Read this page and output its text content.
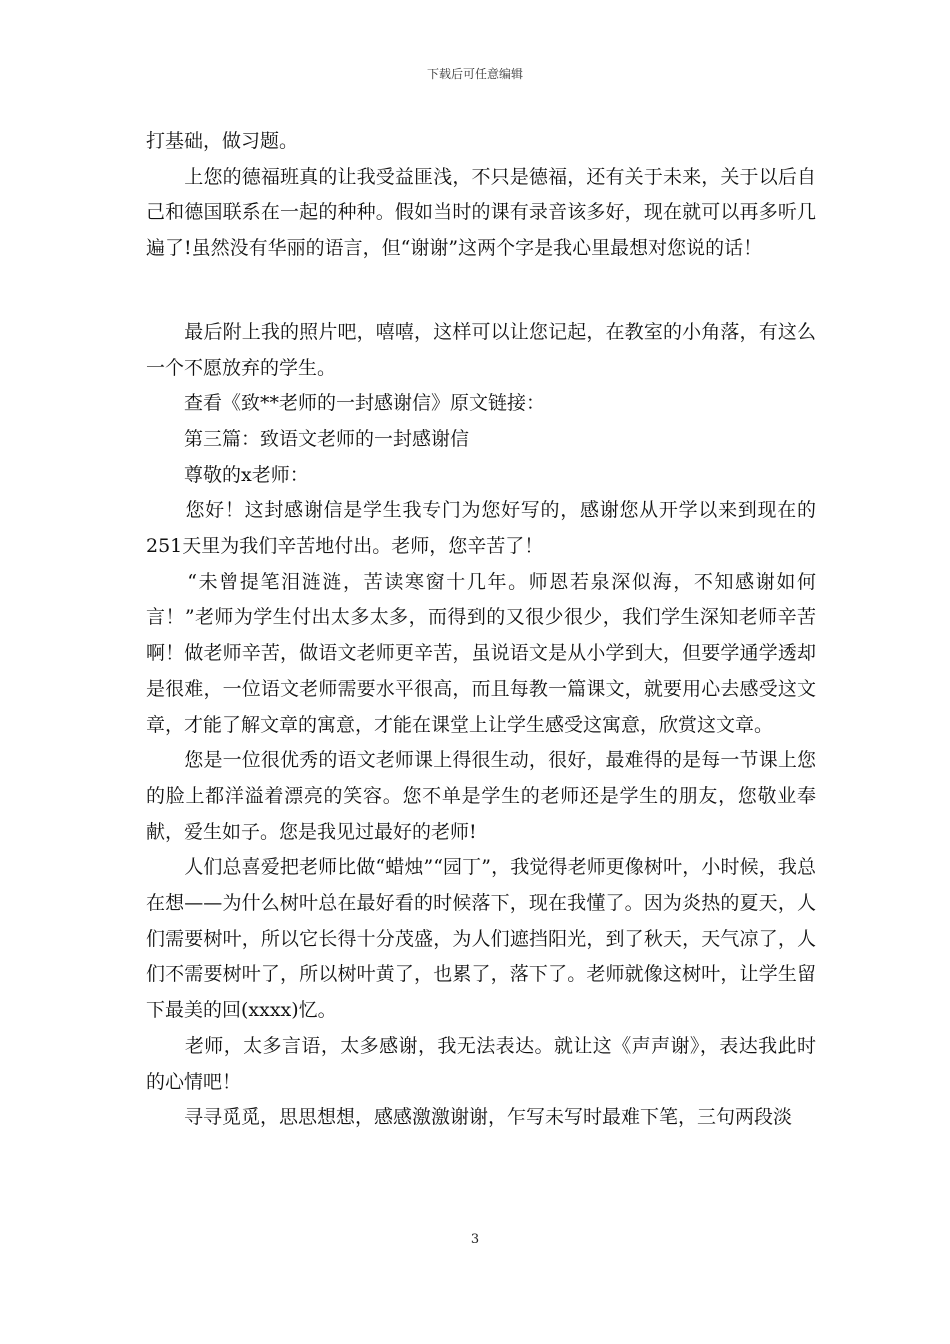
下载后可任意编辑

打基础，做习题。

　　上您的德福班真的让我受益匪浅，不只是德福，还有关于未来，关于以后自己和德国联系在一起的种种。假如当时的课有录音该多好，现在就可以再多听几遍了!虽然没有华丽的语言，但“谢谢”这两个字是我心里最想对您说的话！

　　最后附上我的照片吧，嘻嘻，这样可以让您记起，在教室的小角落，有这么一个不愿放弃的学生。

　　查看《致**老师的一封感谢信》原文链接：

　　第三篇：致语文老师的一封感谢信

　　尊敬的x老师：

　　您好！这封感谢信是学生我专门为您好写的，感谢您从开学以来到现在的251天里为我们辛苦地付出。老师，您辛苦了！

　　“未曾提笔泪涟涟，苦读寒窗十几年。师恩若泉深似海，不知感谢如何言！”老师为学生付出太多太多，而得到的又很少很少，我们学生深知老师辛苦啊！做老师辛苦，做语文老师更辛苦，虽说语文是从小学到大，但要学通学透却是很难，一位语文老师需要水平很高，而且每教一篇课文，就要用心去感受这文章，才能了解文章的寓意，才能在课堂上让学生感受这寓意，欣赏这文章。

　　您是一位很优秀的语文老师课上得很生动，很好，最难得的是每一节课上您的脸上都洋溢着漂亮的笑容。您不单是学生的老师还是学生的朋友，您敬业奉献，爱生如子。您是我见过最好的老师!

　　人们总喜爱把老师比做“蜡烛”“园丁”，我觉得老师更像树叶，小时候，我总在想——为什么树叶总在最好看的时候落下，现在我懂了。因为炎热的夏天，人们需要树叶，所以它长得十分茂盛，为人们遮挡阳光，到了秋天，天气凉了，人们不需要树叶了，所以树叶黄了，也累了，落下了。老师就像这树叶，让学生留下最美的回(xxxx)忆。

　　老师，太多言语，太多感谢，我无法表达。就让这《声声谢》，表达我此时的心情吧！

　　寻寻觅觅，思思想想，感感激激谢谢，乍写未写时最难下笔，三句两段淡

3
